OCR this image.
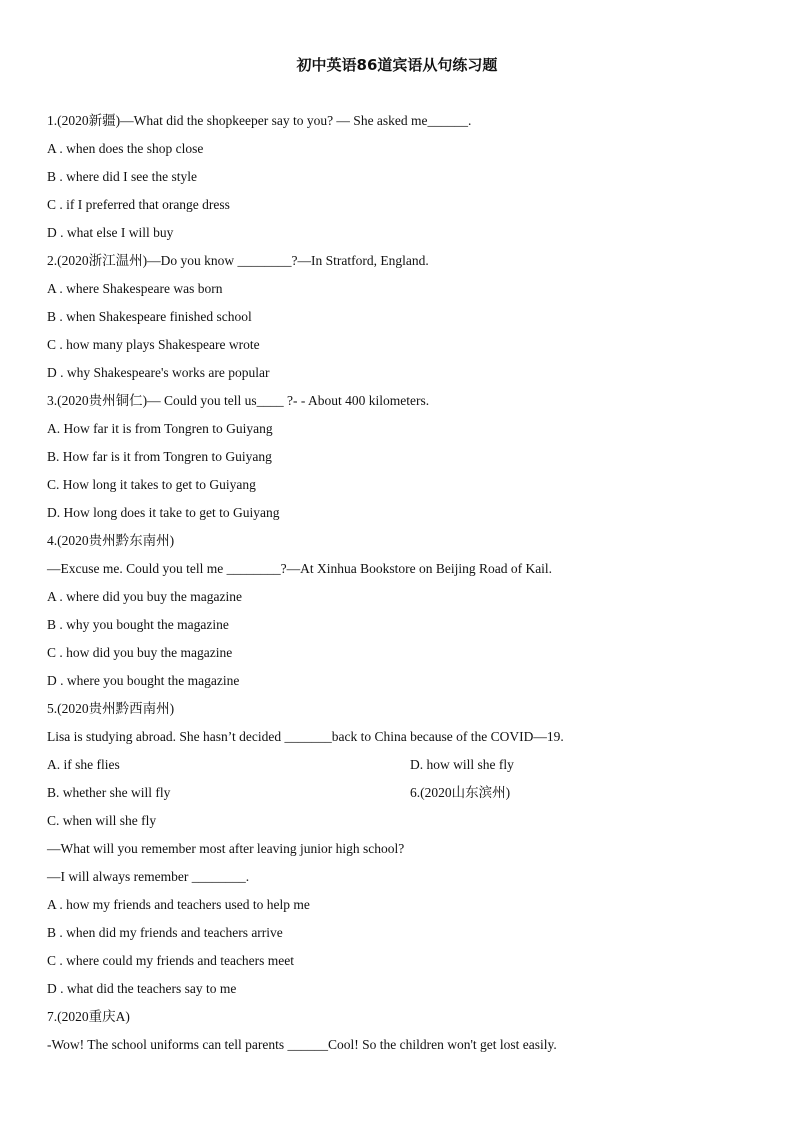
初中英语86道宾语从句练习题
1.(2020新疆)—What did the shopkeeper say to you? — She asked me______.
A . when does the shop close
B . where did I see the style
C . if I preferred that orange dress
D . what else I will buy
2.(2020浙江温州)—Do you know ________?—In Stratford, England.
A . where Shakespeare was born
B . when Shakespeare finished school
C . how many plays Shakespeare wrote
D . why Shakespeare's works are popular
3.(2020贵州铜仁)— Could you tell us____ ?- - About 400 kilometers.
A. How far it is from Tongren to Guiyang
B. How far is it from Tongren to Guiyang
C. How long it takes to get to Guiyang
D. How long does it take to get to Guiyang
4.(2020贵州黔东南州)
—Excuse me. Could you tell me ________?—At Xinhua Bookstore on Beijing Road of Kail.
A . where did you buy the magazine
B . why you bought the magazine
C . how did you buy the magazine
D . where you bought the magazine
5.(2020贵州黔西南州)
Lisa is studying abroad. She hasn’t decided _______back to China because of the COVID—19.
A. if she flies	D. how will she fly
B. whether she will fly	6.(2020山东滨州)
C. when will she fly
—What will you remember most after leaving junior high school?
—I will always remember ________.
A . how my friends and teachers used to help me
B . when did my friends and teachers arrive
C . where could my friends and teachers meet
D . what did the teachers say to me
7.(2020重庆A)
-Wow! The school uniforms can tell parents ______Cool! So the children won't get lost easily.
